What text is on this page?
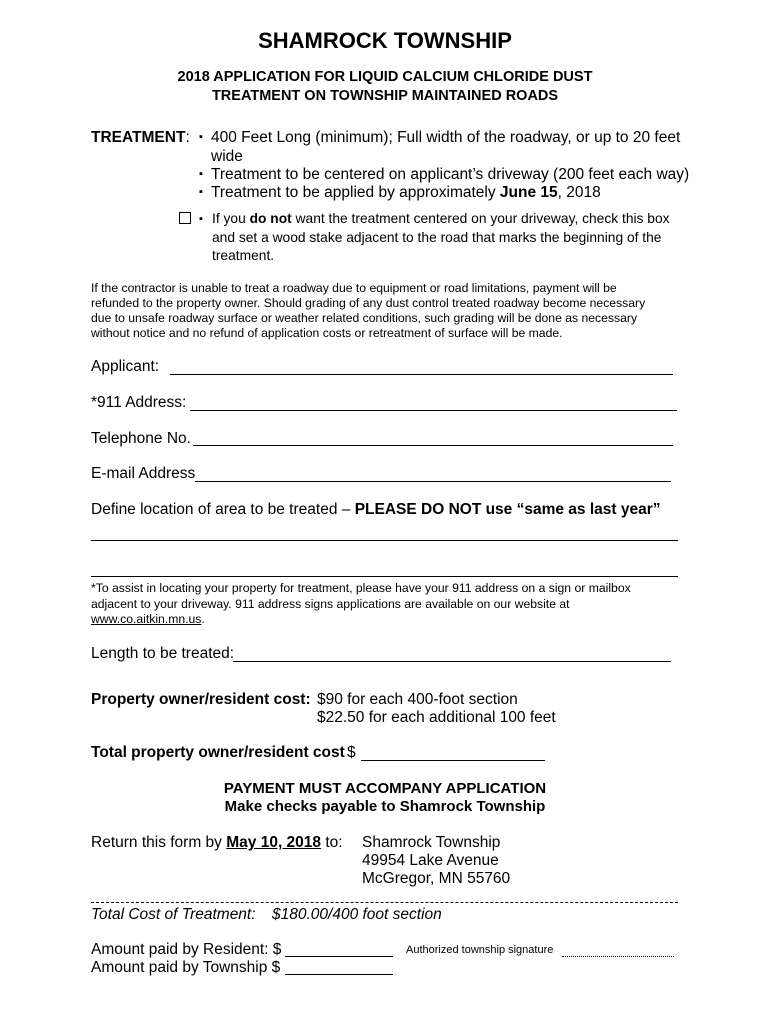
SHAMROCK TOWNSHIP
2018 APPLICATION FOR LIQUID CALCIUM CHLORIDE DUST
TREATMENT ON TOWNSHIP MAINTAINED ROADS
TREATMENT: ▪ 400 Feet Long (minimum); Full width of the roadway, or up to 20 feet
wide
▪ Treatment to be centered on applicant’s driveway (200 feet each way)
▪ Treatment to be applied by approximately June 15, 2018
▪ If you do not want the treatment centered on your driveway, check this box
and set a wood stake adjacent to the road that marks the beginning of the
treatment.
If the contractor is unable to treat a roadway due to equipment or road limitations, payment will be
refunded to the property owner. Should grading of any dust control treated roadway become necessary
due to unsafe roadway surface or weather related conditions, such grading will be done as necessary
without notice and no refund of application costs or retreatment of surface will be made.
Applicant:
*911 Address:
Telephone No.
E-mail Address
Define location of area to be treated – PLEASE DO NOT use “same as last year”
*To assist in locating your property for treatment, please have your 911 address on a sign or mailbox
adjacent to your driveway. 911 address signs applications are available on our website at
www.co.aitkin.mn.us.
Length to be treated:
Property owner/resident cost: $90 for each 400-foot section
$22.50 for each additional 100 feet
Total property owner/resident cost $
PAYMENT MUST ACCOMPANY APPLICATION
Make checks payable to Shamrock Township
Return this form by May 10, 2018 to: Shamrock Township
49954 Lake Avenue
McGregor, MN 55760
Total Cost of Treatment: $180.00/400 foot section
Amount paid by Resident: $	Authorized township signature
Amount paid by Township $
